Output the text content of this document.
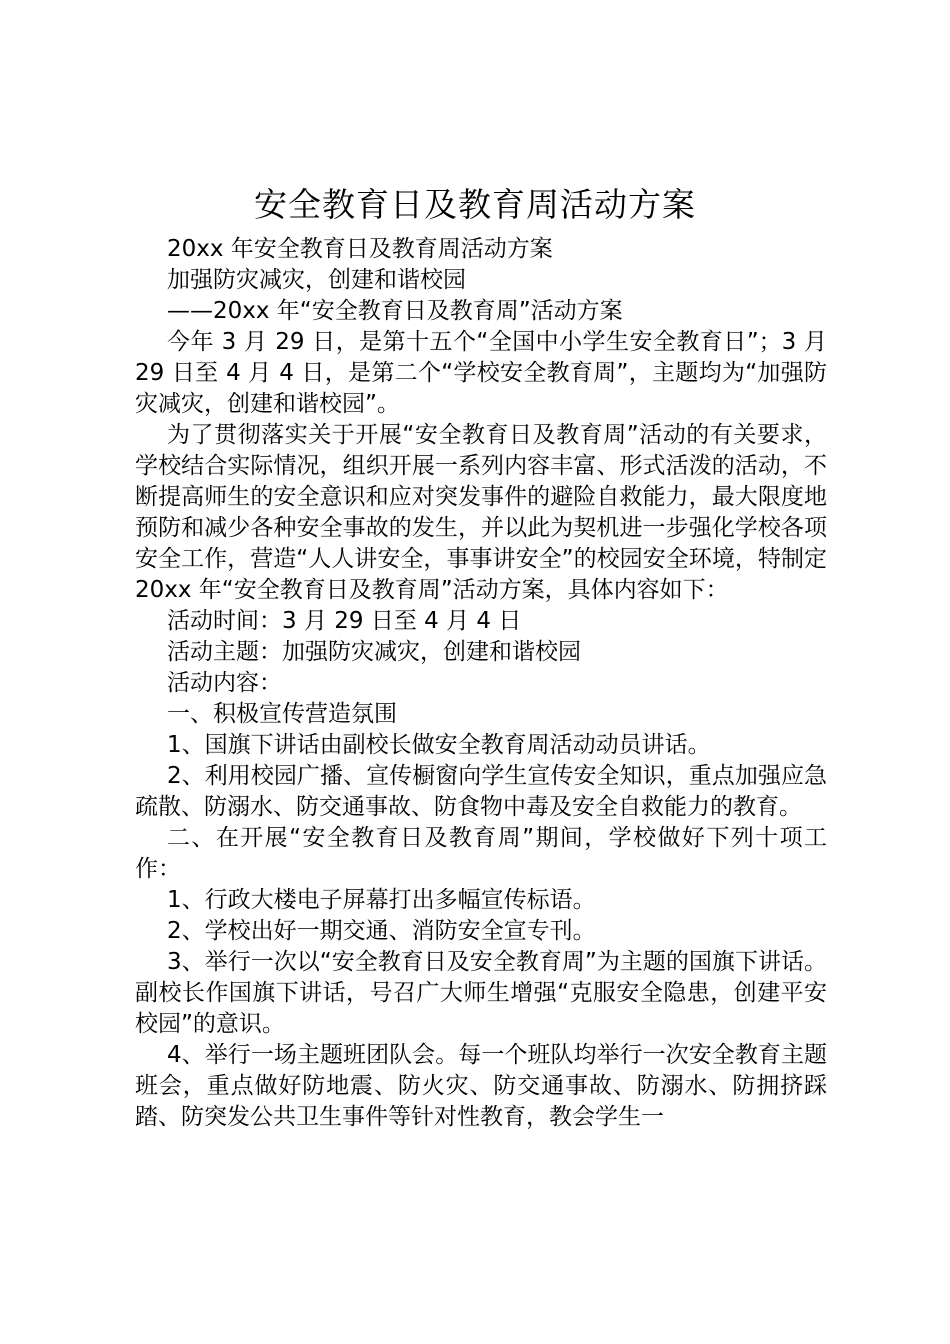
安全教育日及教育周活动方案

20xx 年安全教育日及教育周活动方案

加强防灾减灾，创建和谐校园

——20xx 年“安全教育日及教育周”活动方案

今年 3 月 29 日，是第十五个“全国中小学生安全教育日”；3 月 29 日至 4 月 4 日，是第二个“学校安全教育周”，主题均为“加强防灾减灾，创建和谐校园”。

为了贯彻落实关于开展“安全教育日及教育周”活动的有关要求，学校结合实际情况，组织开展一系列内容丰富、形式活泼的活动，不断提高师生的安全意识和应对突发事件的避险自救能力，最大限度地预防和减少各种安全事故的发生，并以此为契机进一步强化学校各项安全工作，营造“人人讲安全，事事讲安全”的校园安全环境，特制定 20xx 年“安全教育日及教育周”活动方案，具体内容如下：

活动时间：3 月 29 日至 4 月 4 日

活动主题：加强防灾减灾，创建和谐校园

活动内容：

一、积极宣传营造氛围

1、国旗下讲话由副校长做安全教育周活动动员讲话。

2、利用校园广播、宣传橱窗向学生宣传安全知识，重点加强应急疏散、防溺水、防交通事故、防食物中毒及安全自救能力的教育。

二、在开展“安全教育日及教育周”期间，学校做好下列十项工作：

1、行政大楼电子屏幕打出多幅宣传标语。

2、学校出好一期交通、消防安全宣专刊。

3、举行一次以“安全教育日及安全教育周”为主题的国旗下讲话。副校长作国旗下讲话，号召广大师生增强“克服安全隐患，创建平安校园”的意识。

4、举行一场主题班团队会。每一个班队均举行一次安全教育主题班会，重点做好防地震、防火灾、防交通事故、防溺水、防拥挤踩踏、防突发公共卫生事件等针对性教育，教会学生一
